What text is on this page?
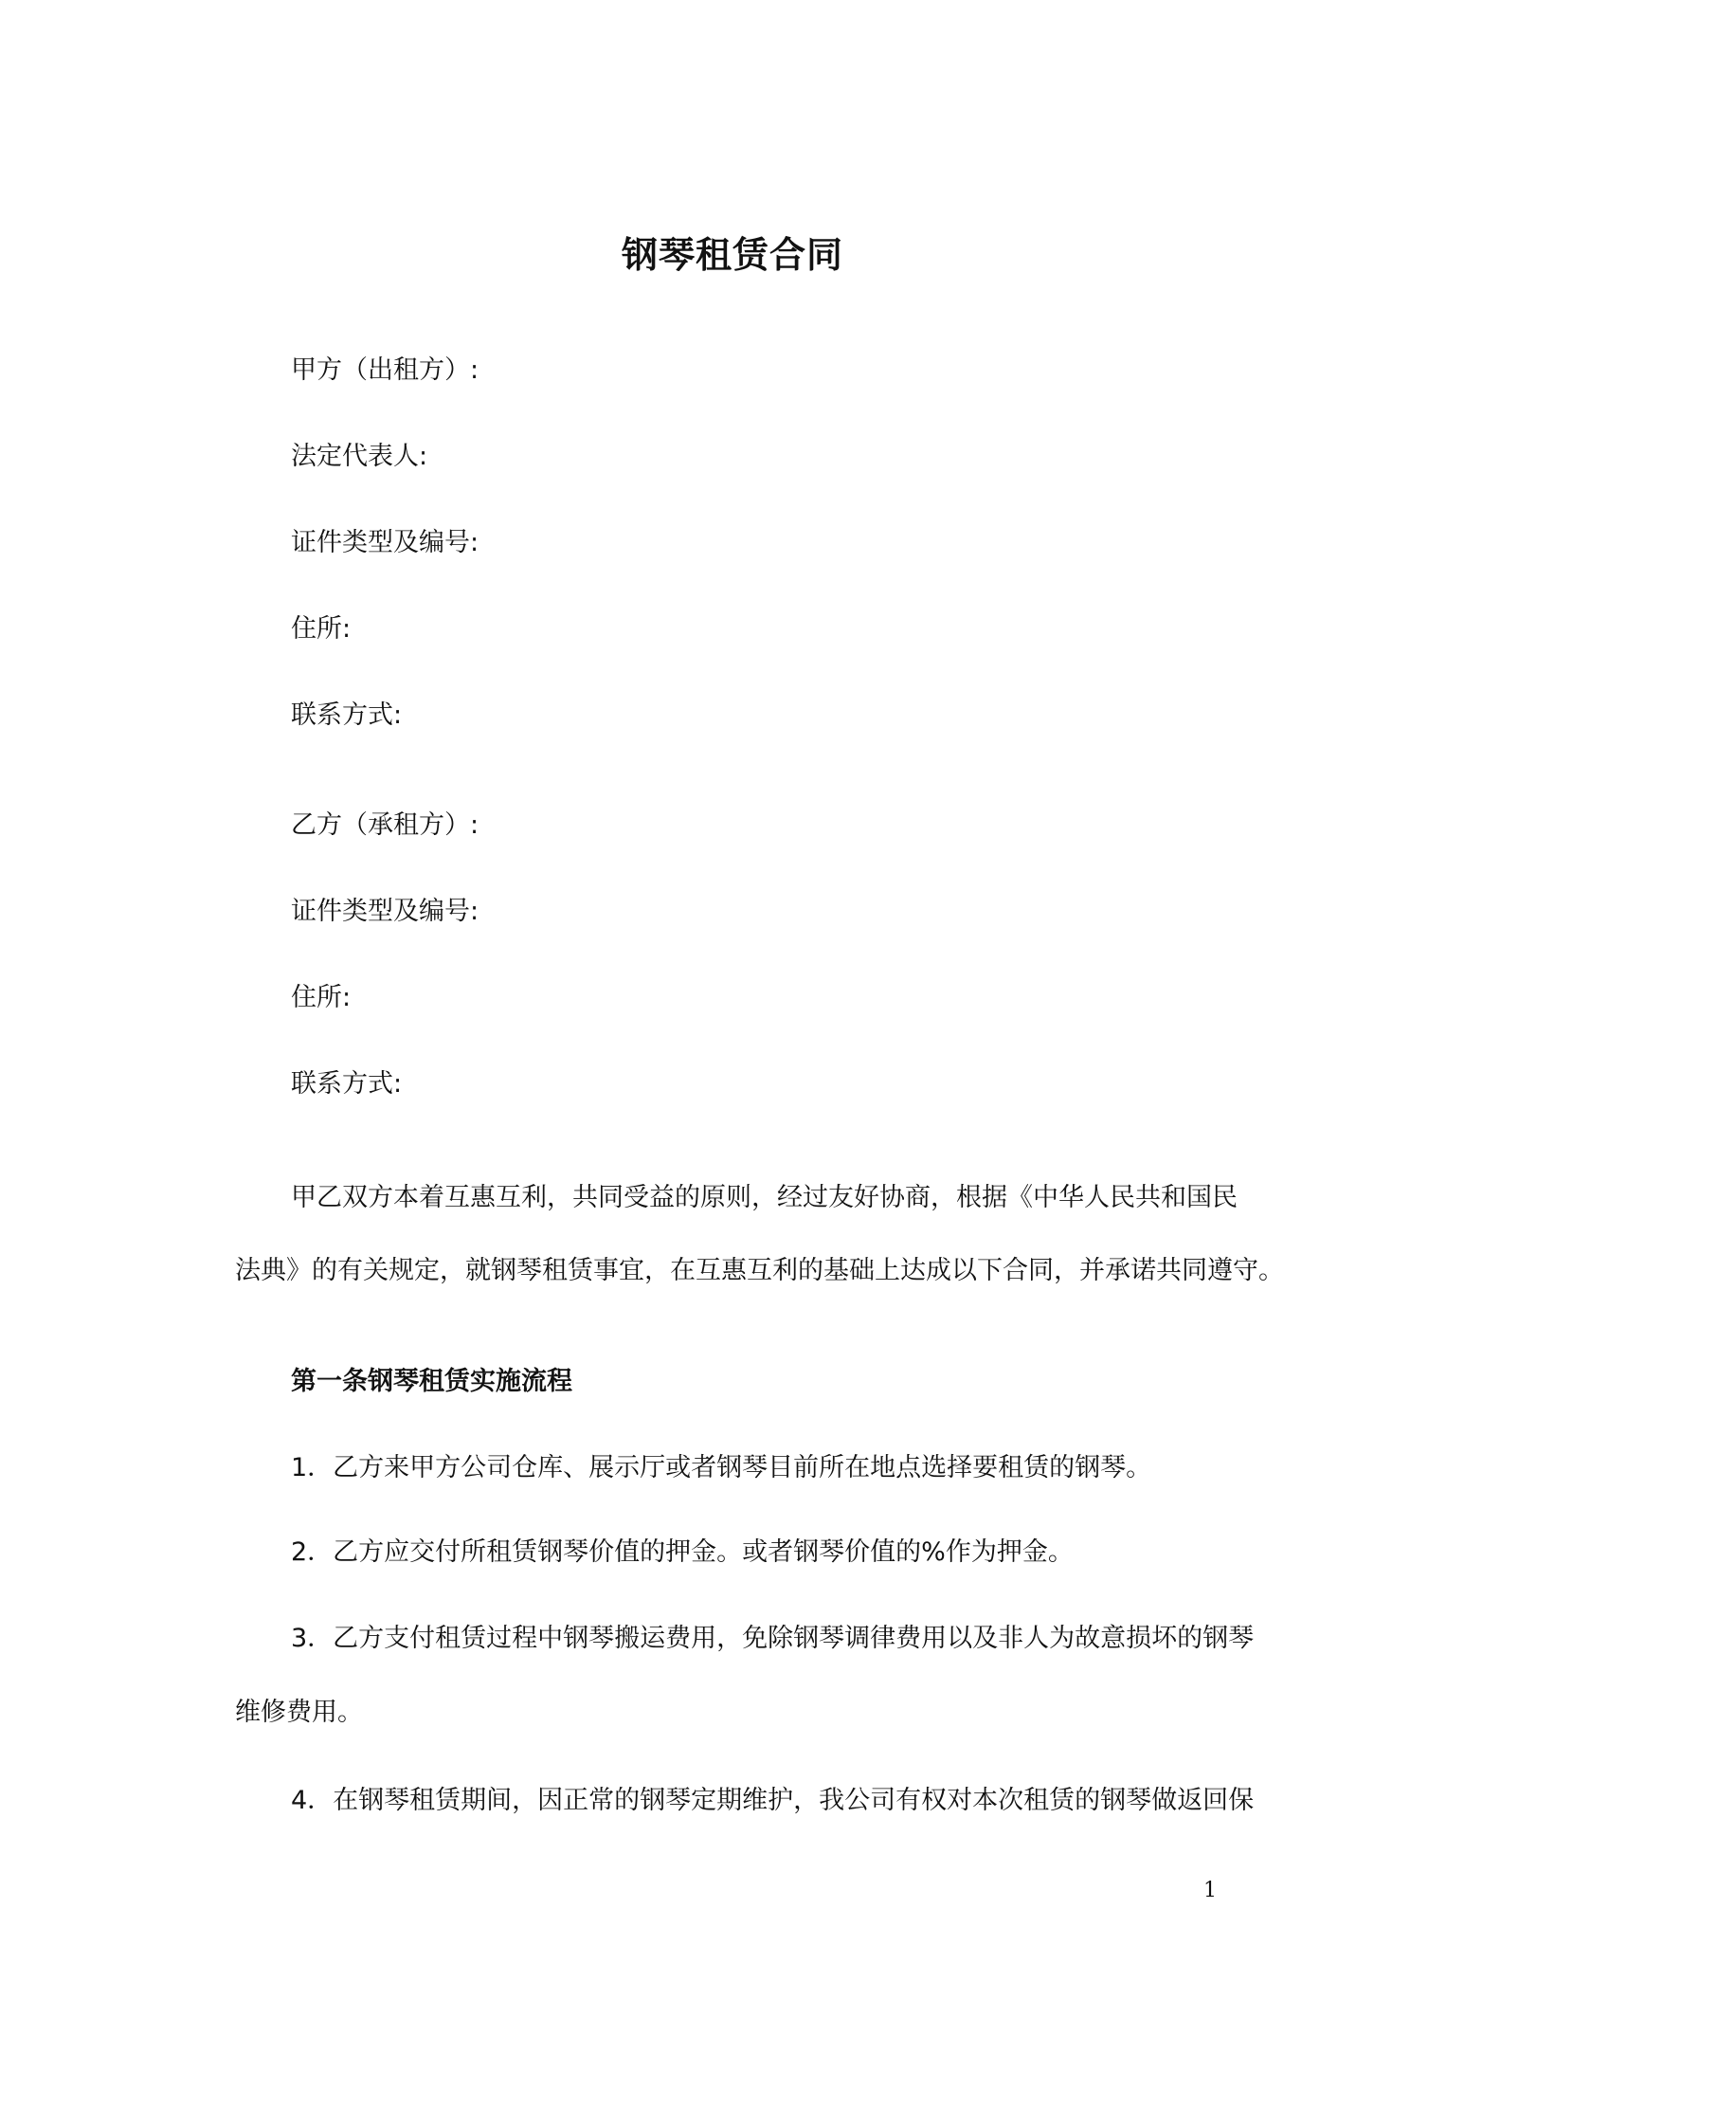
钢琴租赁合同
甲方（出租方）:
法定代表人:
证件类型及编号:
住所:
联系方式:
乙方（承租方）:
证件类型及编号:
住所:
联系方式:
甲乙双方本着互惠互利，共同受益的原则，经过友好协商，根据《中华人民共和国民
法典》的有关规定，就钢琴租赁事宜，在互惠互利的基础上达成以下合同，并承诺共同遵守。
第一条钢琴租赁实施流程
1．乙方来甲方公司仓库、展示厅或者钢琴目前所在地点选择要租赁的钢琴。
2．乙方应交付所租赁钢琴价值的押金。或者钢琴价值的%作为押金。
3．乙方支付租赁过程中钢琴搬运费用，免除钢琴调律费用以及非人为故意损坏的钢琴
维修费用。
4．在钢琴租赁期间，因正常的钢琴定期维护，我公司有权对本次租赁的钢琴做返回保
1
